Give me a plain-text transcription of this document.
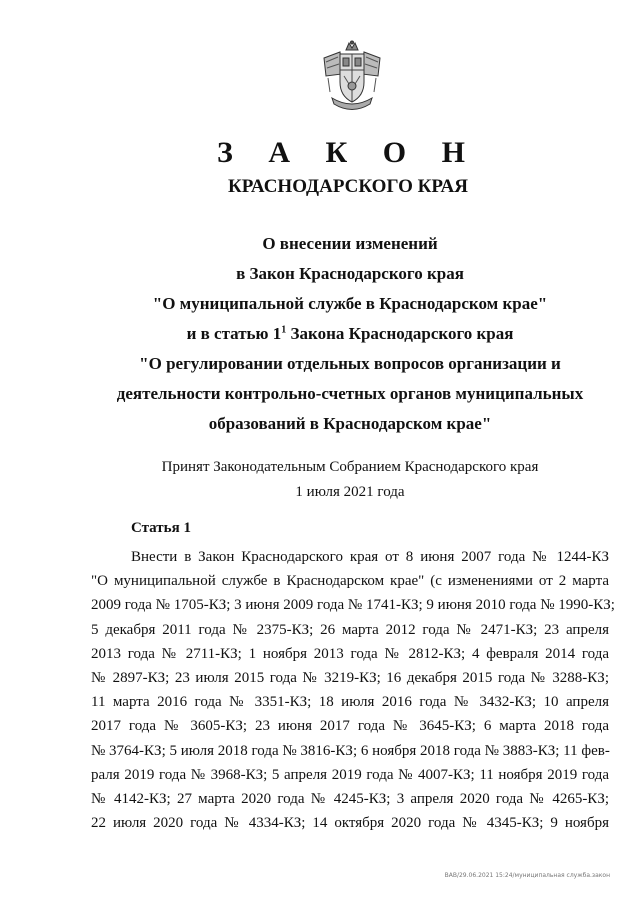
З А К О Н
КРАСНОДАРСКОГО КРАЯ
О внесении изменений
в Закон Краснодарского края
"О муниципальной службе в Краснодарском крае"
и в статью $1^1$ Закона Краснодарского края
"О регулировании отдельных вопросов организации и
деятельности контрольно-счетных органов муниципальных
образований в Краснодарском крае"
Принят Законодательным Собранием Краснодарского края
1 июля 2021 года
Статья 1
Внести в Закон Краснодарского края от 8 июня 2007 года № 1244-КЗ
"О муниципальной службе в Краснодарском крае" (с изменениями от 2 марта
2009 года № 1705-КЗ; 3 июня 2009 года № 1741-КЗ; 9 июня 2010 года № 1990-КЗ;
5 декабря 2011 года № 2375-КЗ; 26 марта 2012 года № 2471-КЗ; 23 апреля
2013 года № 2711-КЗ; 1 ноября 2013 года № 2812-КЗ; 4 февраля 2014 года
№ 2897-КЗ; 23 июля 2015 года № 3219-КЗ; 16 декабря 2015 года № 3288-КЗ;
11 марта 2016 года № 3351-КЗ; 18 июля 2016 года № 3432-КЗ; 10 апреля
2017 года № 3605-КЗ; 23 июня 2017 года № 3645-КЗ; 6 марта 2018 года
№ 3764-КЗ; 5 июля 2018 года № 3816-КЗ; 6 ноября 2018 года № 3883-КЗ; 11 фев-
раля 2019 года № 3968-КЗ; 5 апреля 2019 года № 4007-КЗ; 11 ноября 2019 года
№ 4142-КЗ; 27 марта 2020 года № 4245-КЗ; 3 апреля 2020 года № 4265-КЗ;
22 июля 2020 года № 4334-КЗ; 14 октября 2020 года № 4345-КЗ; 9 ноября
ВАВ/29.06.2021 15:24/муниципальная служба.закон
